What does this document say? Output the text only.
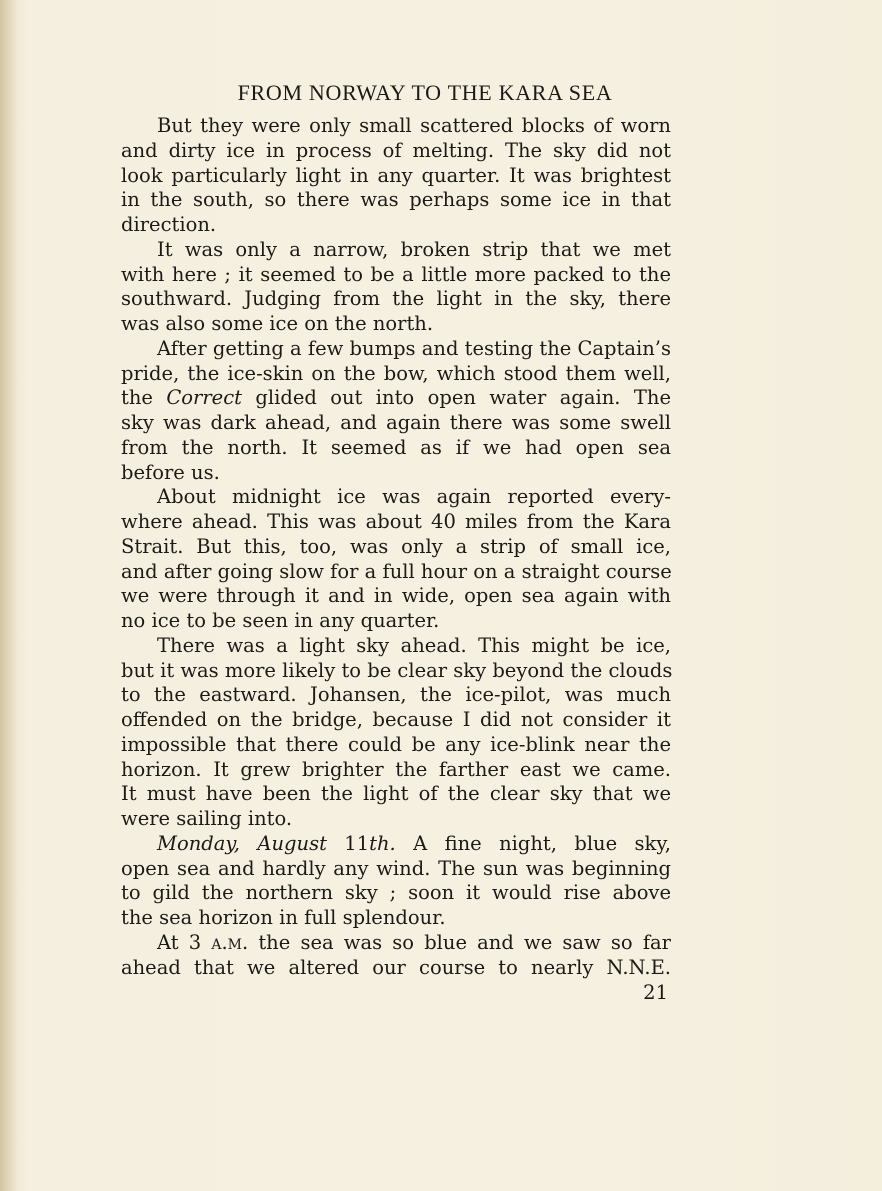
FROM NORWAY TO THE KARA SEA
But they were only small scattered blocks of worn
and dirty ice in process of melting. The sky did not
look particularly light in any quarter. It was brightest
in the south, so there was perhaps some ice in that
direction.
It was only a narrow, broken strip that we met
with here ; it seemed to be a little more packed to the
southward. Judging from the light in the sky, there
was also some ice on the north.
After getting a few bumps and testing the Captain’s
pride, the ice-skin on the bow, which stood them well,
the Correct glided out into open water again. The
sky was dark ahead, and again there was some swell
from the north. It seemed as if we had open sea
before us.
About midnight ice was again reported every-
where ahead. This was about 40 miles from the Kara
Strait. But this, too, was only a strip of small ice,
and after going slow for a full hour on a straight course
we were through it and in wide, open sea again with
no ice to be seen in any quarter.
There was a light sky ahead. This might be ice,
but it was more likely to be clear sky beyond the clouds
to the eastward. Johansen, the ice-pilot, was much
offended on the bridge, because I did not consider it
impossible that there could be any ice-blink near the
horizon. It grew brighter the farther east we came.
It must have been the light of the clear sky that we
were sailing into.
Monday, August 11th. A fine night, blue sky,
open sea and hardly any wind. The sun was beginning
to gild the northern sky ; soon it would rise above
the sea horizon in full splendour.
At 3 a.m. the sea was so blue and we saw so far
ahead that we altered our course to nearly N.N.E.
21
